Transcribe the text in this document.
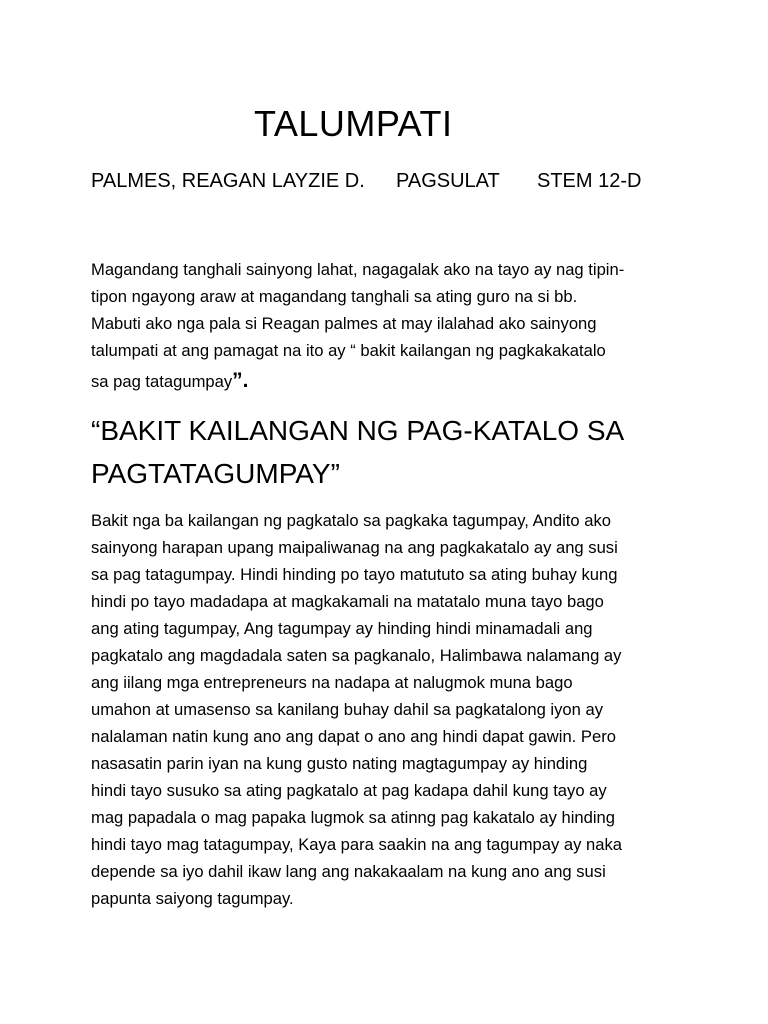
TALUMPATI
PALMES, REAGAN LAYZIE D. PAGSULAT STEM 12-D
Magandang tanghali sainyong lahat, nagagalak ako na tayo ay nag tipin-
tipon ngayong araw at magandang tanghali sa ating guro na si bb.
Mabuti ako nga pala si Reagan palmes at may ilalahad ako sainyong
talumpati at ang pamagat na ito ay “ bakit kailangan ng pagkakakatalo
sa pag tatagumpay”.
“BAKIT KAILANGAN NG PAG-KATALO SA
PAGTATAGUMPAY”
Bakit nga ba kailangan ng pagkatalo sa pagkaka tagumpay, Andito ako
sainyong harapan upang maipaliwanag na ang pagkakatalo ay ang susi
sa pag tatagumpay. Hindi hinding po tayo matututo sa ating buhay kung
hindi po tayo madadapa at magkakamali na matatalo muna tayo bago
ang ating tagumpay, Ang tagumpay ay hinding hindi minamadali ang
pagkatalo ang magdadala saten sa pagkanalo, Halimbawa nalamang ay
ang iilang mga entrepreneurs na nadapa at nalugmok muna bago
umahon at umasenso sa kanilang buhay dahil sa pagkatalong iyon ay
nalalaman natin kung ano ang dapat o ano ang hindi dapat gawin. Pero
nasasatin parin iyan na kung gusto nating magtagumpay ay hinding
hindi tayo susuko sa ating pagkatalo at pag kadapa dahil kung tayo ay
mag papadala o mag papaka lugmok sa atinng pag kakatalo ay hinding
hindi tayo mag tatagumpay, Kaya para saakin na ang tagumpay ay naka
depende sa iyo dahil ikaw lang ang nakakaalam na kung ano ang susi
papunta saiyong tagumpay.
